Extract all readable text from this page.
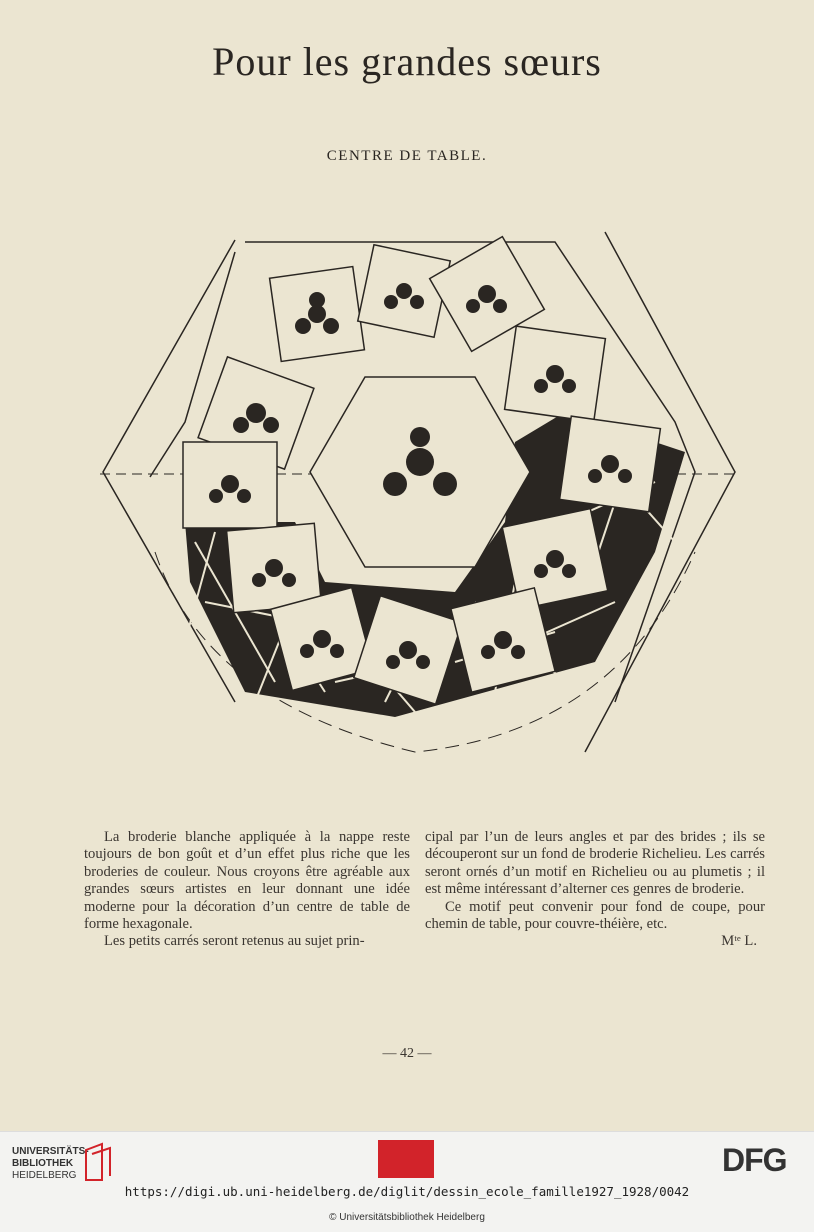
Pour les grandes sœurs
CENTRE DE TABLE.

La broderie blanche appliquée à la nappe reste toujours de bon goût et d’un effet plus riche que les broderies de couleur. Nous croyons être agréable aux grandes sœurs artistes en leur donnant une idée moderne pour la décoration d’un centre de table de forme hexagonale.

Les petits carrés seront retenus au sujet prin-

cipal par l’un de leurs angles et par des brides ; ils se découperont sur un fond de broderie Richelieu. Les carrés seront ornés d’un motif en Richelieu ou au plumetis ; il est même intéressant d’alterner ces genres de broderie.

Ce motif peut convenir pour fond de coupe, pour chemin de table, pour couvre-théière, etc.

Mᵗᵉ L.
— 42 —
UNIVERSITÄTS-
BIBLIOTHEK
HEIDELBERG	DFG
https://digi.ub.uni-heidelberg.de/diglit/dessin_ecole_famille1927_1928/0042
© Universitätsbibliothek Heidelberg
